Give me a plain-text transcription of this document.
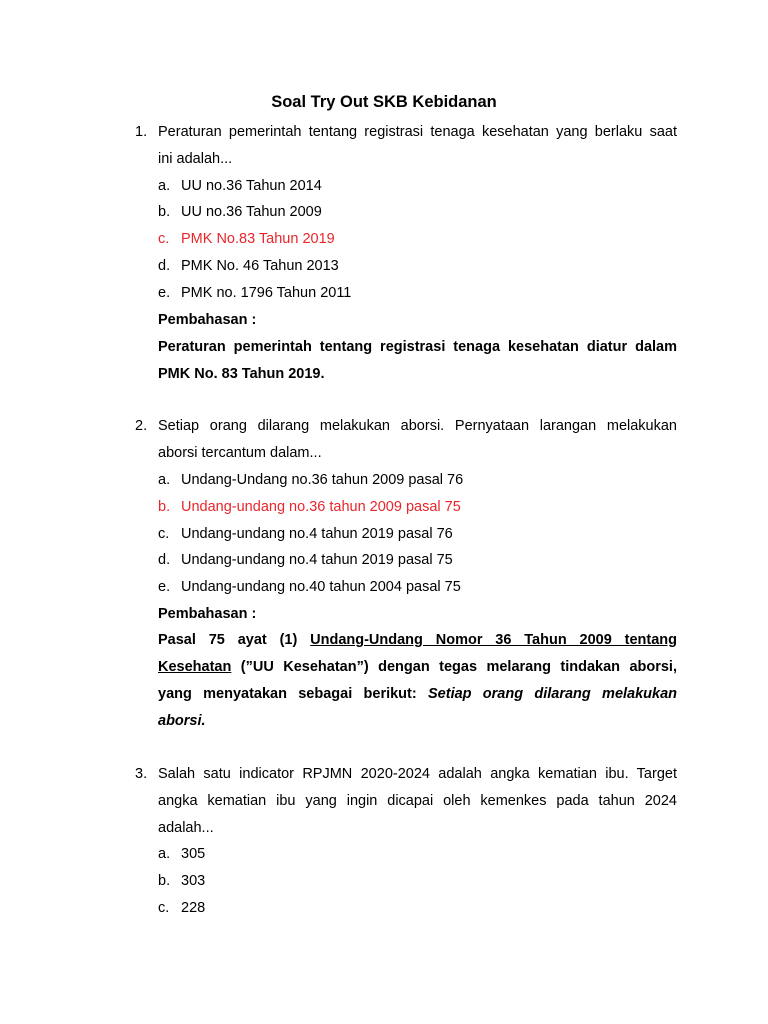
Soal Try Out SKB Kebidanan
1. Peraturan pemerintah tentang registrasi tenaga kesehatan yang berlaku saat
ini adalah...
a. UU no.36 Tahun 2014
b. UU no.36 Tahun 2009
c. PMK No.83 Tahun 2019
d. PMK No. 46 Tahun 2013
e. PMK no. 1796 Tahun 2011
Pembahasan :
Peraturan pemerintah tentang registrasi tenaga kesehatan diatur dalam
PMK No. 83 Tahun 2019.
2. Setiap orang dilarang melakukan aborsi. Pernyataan larangan melakukan
aborsi tercantum dalam...
a. Undang-Undang no.36 tahun 2009 pasal 76
b. Undang-undang no.36 tahun 2009 pasal 75
c. Undang-undang no.4 tahun 2019 pasal 76
d. Undang-undang no.4 tahun 2019 pasal 75
e. Undang-undang no.40 tahun 2004 pasal 75
Pembahasan :
Pasal 75 ayat (1) Undang-Undang Nomor 36 Tahun 2009 tentang
Kesehatan (”UU Kesehatan”) dengan tegas melarang tindakan aborsi,
yang menyatakan sebagai berikut: Setiap orang dilarang melakukan
aborsi.
3. Salah satu indicator RPJMN 2020-2024 adalah angka kematian ibu. Target
angka kematian ibu yang ingin dicapai oleh kemenkes pada tahun 2024
adalah...
a. 305
b. 303
c. 228
